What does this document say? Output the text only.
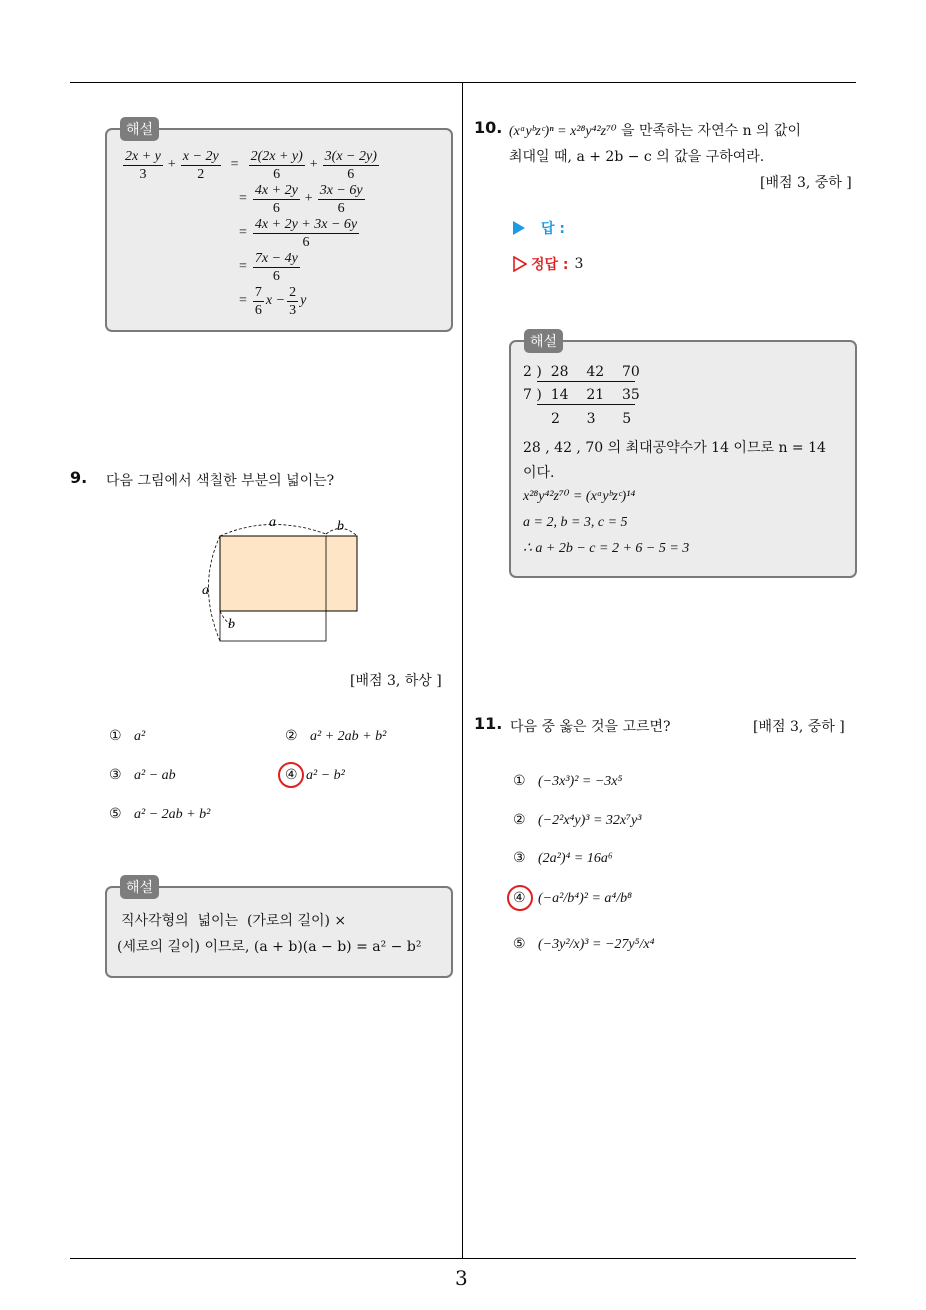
3
$\frac{2x + y}{3} + \frac{x - 2y}{2} = \frac{2(2x + y)}{6} + \frac{3(x - 2y)}{6}$
= $\frac{4x + 2y}{6} + \frac{3x - 6y}{6}$
= $\frac{4x + 2y + 3x - 6y}{6}$
= $\frac{7x - 4y}{6}$
= $\frac{7}{6}$ $x - \frac{2}{3}$ y
해설
9. 다음 그림에서 색칠한 부분의 넓이는?
a	b
a
b
[배점 3, 하상 ]
① a²	② a² + 2ab + b²
③ a² − ab	④ a² − b²
⑤ a² − 2ab + b²
직사각형의  넓이는  (가로의 길이) ×
(세로의 길이) 이므로, (a + b)(a − b) = a² − b²
해설
10. (xᵃyᵇzᶜ)ⁿ = x²⁸y⁴²z⁷⁰ 을 만족하는 자연수 n 의 값이
최대일 때, a + 2b − c 의 값을 구하여라.
[배점 3, 중하 ]
답 :
정답 : 3
2 )  28    42    70
7 )  14    21    35
2      3      5
28 , 42 , 70 의 최대공약수가 14 이므로 n = 14
이다.
x²⁸y⁴²z⁷⁰ = (xᵃyᵇzᶜ)¹⁴
a = 2, b = 3, c = 5
∴ a + 2b − c = 2 + 6 − 5 = 3
해설
11. 다음 중 옳은 것을 고르면?	[배점 3, 중하 ]
① (−3x³)² = −3x⁵
② (−2²x⁴y)³ = 32x⁷y³
③ (2a²)⁴ = 16a⁶
④ (−a²/b⁴)² = a⁴/b⁸
⑤ (−3y²/x)³ = −27y⁵/x⁴
